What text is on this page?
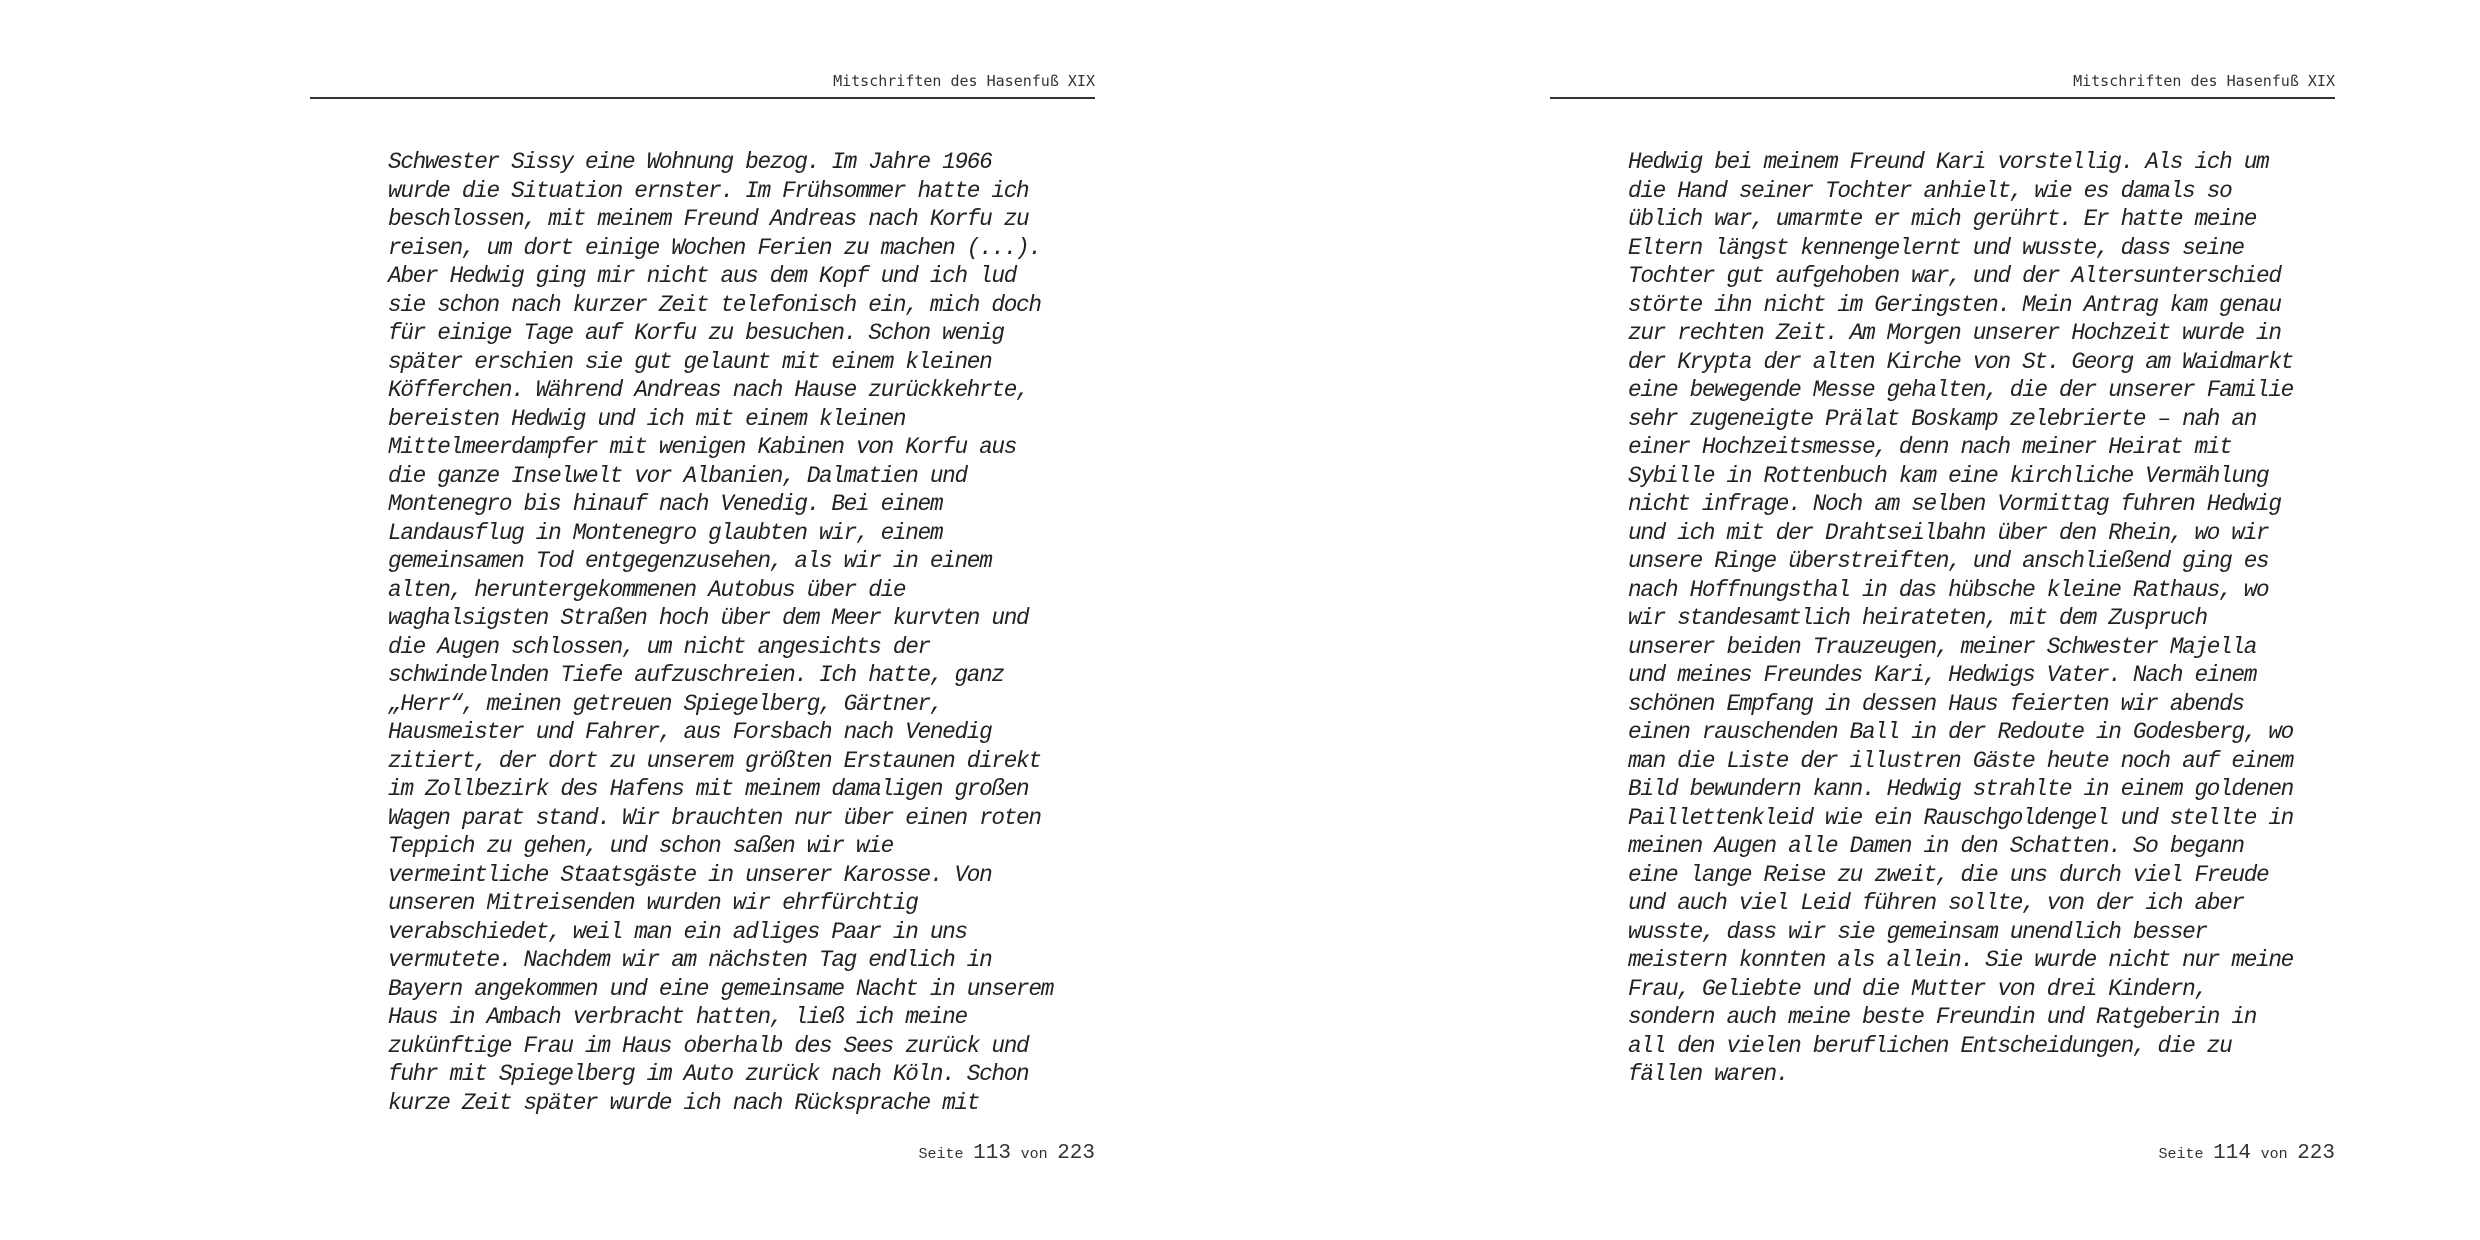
Mitschriften des Hasenfuß XIX
Schwester Sissy eine Wohnung bezog. Im Jahre 1966
wurde die Situation ernster. Im Frühsommer hatte ich
beschlossen, mit meinem Freund Andreas nach Korfu zu
reisen, um dort einige Wochen Ferien zu machen (...).
Aber Hedwig ging mir nicht aus dem Kopf und ich lud
sie schon nach kurzer Zeit telefonisch ein, mich doch
für einige Tage auf Korfu zu besuchen. Schon wenig
später erschien sie gut gelaunt mit einem kleinen
Köfferchen. Während Andreas nach Hause zurückkehrte,
bereisten Hedwig und ich mit einem kleinen
Mittelmeerdampfer mit wenigen Kabinen von Korfu aus
die ganze Inselwelt vor Albanien, Dalmatien und
Montenegro bis hinauf nach Venedig. Bei einem
Landausflug in Montenegro glaubten wir, einem
gemeinsamen Tod entgegenzusehen, als wir in einem
alten, heruntergekommenen Autobus über die
waghalsigsten Straßen hoch über dem Meer kurvten und
die Augen schlossen, um nicht angesichts der
schwindelnden Tiefe aufzuschreien. Ich hatte, ganz
„Herr“, meinen getreuen Spiegelberg, Gärtner,
Hausmeister und Fahrer, aus Forsbach nach Venedig
zitiert, der dort zu unserem größten Erstaunen direkt
im Zollbezirk des Hafens mit meinem damaligen großen
Wagen parat stand. Wir brauchten nur über einen roten
Teppich zu gehen, und schon saßen wir wie
vermeintliche Staatsgäste in unserer Karosse. Von
unseren Mitreisenden wurden wir ehrfürchtig
verabschiedet, weil man ein adliges Paar in uns
vermutete. Nachdem wir am nächsten Tag endlich in
Bayern angekommen und eine gemeinsame Nacht in unserem
Haus in Ambach verbracht hatten, ließ ich meine
zukünftige Frau im Haus oberhalb des Sees zurück und
fuhr mit Spiegelberg im Auto zurück nach Köln. Schon
kurze Zeit später wurde ich nach Rücksprache mit
Seite 113 von 223
Mitschriften des Hasenfuß XIX
Hedwig bei meinem Freund Kari vorstellig. Als ich um
die Hand seiner Tochter anhielt, wie es damals so
üblich war, umarmte er mich gerührt. Er hatte meine
Eltern längst kennengelernt und wusste, dass seine
Tochter gut aufgehoben war, und der Altersunterschied
störte ihn nicht im Geringsten. Mein Antrag kam genau
zur rechten Zeit. Am Morgen unserer Hochzeit wurde in
der Krypta der alten Kirche von St. Georg am Waidmarkt
eine bewegende Messe gehalten, die der unserer Familie
sehr zugeneigte Prälat Boskamp zelebrierte – nah an
einer Hochzeitsmesse, denn nach meiner Heirat mit
Sybille in Rottenbuch kam eine kirchliche Vermählung
nicht infrage. Noch am selben Vormittag fuhren Hedwig
und ich mit der Drahtseilbahn über den Rhein, wo wir
unsere Ringe überstreiften, und anschließend ging es
nach Hoffnungsthal in das hübsche kleine Rathaus, wo
wir standesamtlich heirateten, mit dem Zuspruch
unserer beiden Trauzeugen, meiner Schwester Majella
und meines Freundes Kari, Hedwigs Vater. Nach einem
schönen Empfang in dessen Haus feierten wir abends
einen rauschenden Ball in der Redoute in Godesberg, wo
man die Liste der illustren Gäste heute noch auf einem
Bild bewundern kann. Hedwig strahlte in einem goldenen
Paillettenkleid wie ein Rauschgoldengel und stellte in
meinen Augen alle Damen in den Schatten. So begann
eine lange Reise zu zweit, die uns durch viel Freude
und auch viel Leid führen sollte, von der ich aber
wusste, dass wir sie gemeinsam unendlich besser
meistern konnten als allein. Sie wurde nicht nur meine
Frau, Geliebte und die Mutter von drei Kindern,
sondern auch meine beste Freundin und Ratgeberin in
all den vielen beruflichen Entscheidungen, die zu
fällen waren.
Seite 114 von 223
